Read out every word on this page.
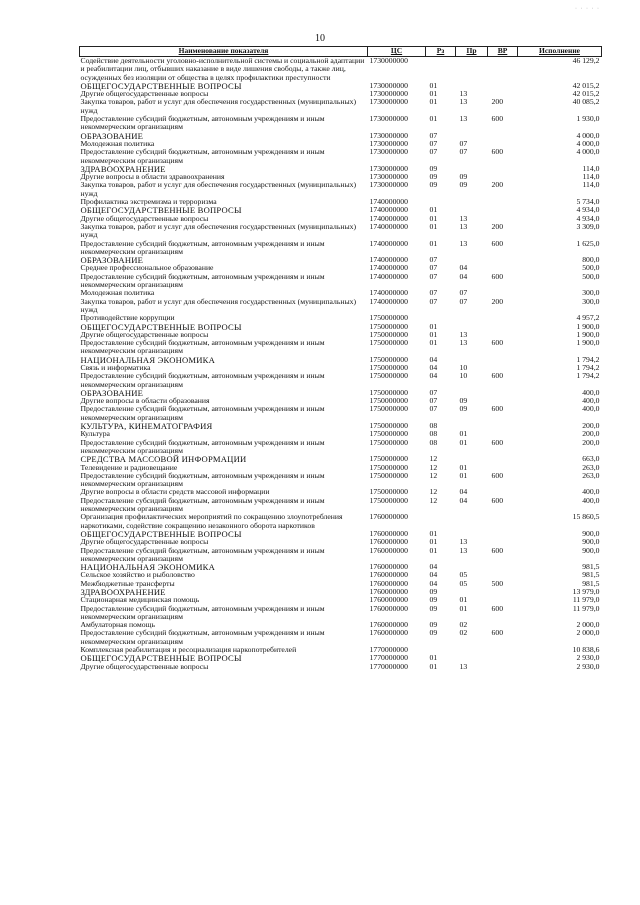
· · · · ·
10
Наименование показателя	ЦС	Рз	Пр	ВР	Исполнение
Содействие деятельности уголовно-исполнительной системы и социальной адаптации и реабилитации лиц, отбывших наказание в виде лишения свободы, а также лиц, осужденных без изоляции от общества в целях профилактики преступности	1730000000				46 129,2
ОБЩЕГОСУДАРСТВЕННЫЕ ВОПРОСЫ	1730000000	01			42 015,2
Другие общегосударственные вопросы	1730000000	01	13		42 015,2
Закупка товаров, работ и услуг для обеспечения государственных (муниципальных) нужд	1730000000	01	13	200	40 085,2
Предоставление субсидий бюджетным, автономным учреждениям и иным некоммерческим организациям	1730000000	01	13	600	1 930,0
ОБРАЗОВАНИЕ	1730000000	07			4 000,0
Молодежная политика	1730000000	07	07		4 000,0
Предоставление субсидий бюджетным, автономным учреждениям и иным некоммерческим организациям	1730000000	07	07	600	4 000,0
ЗДРАВООХРАНЕНИЕ	1730000000	09			114,0
Другие вопросы в области здравоохранения	1730000000	09	09		114,0
Закупка товаров, работ и услуг для обеспечения государственных (муниципальных) нужд	1730000000	09	09	200	114,0
Профилактика экстремизма и терроризма	1740000000				5 734,0
ОБЩЕГОСУДАРСТВЕННЫЕ ВОПРОСЫ	1740000000	01			4 934,0
Другие общегосударственные вопросы	1740000000	01	13		4 934,0
Закупка товаров, работ и услуг для обеспечения государственных (муниципальных) нужд	1740000000	01	13	200	3 309,0
Предоставление субсидий бюджетным, автономным учреждениям и иным некоммерческим организациям	1740000000	01	13	600	1 625,0
ОБРАЗОВАНИЕ	1740000000	07			800,0
Среднее профессиональное образование	1740000000	07	04		500,0
Предоставление субсидий бюджетным, автономным учреждениям и иным некоммерческим организациям	1740000000	07	04	600	500,0
Молодежная политика	1740000000	07	07		300,0
Закупка товаров, работ и услуг для обеспечения государственных (муниципальных) нужд	1740000000	07	07	200	300,0
Противодействие коррупции	1750000000				4 957,2
ОБЩЕГОСУДАРСТВЕННЫЕ ВОПРОСЫ	1750000000	01			1 900,0
Другие общегосударственные вопросы	1750000000	01	13		1 900,0
Предоставление субсидий бюджетным, автономным учреждениям и иным некоммерческим организациям	1750000000	01	13	600	1 900,0
НАЦИОНАЛЬНАЯ ЭКОНОМИКА	1750000000	04			1 794,2
Связь и информатика	1750000000	04	10		1 794,2
Предоставление субсидий бюджетным, автономным учреждениям и иным некоммерческим организациям	1750000000	04	10	600	1 794,2
ОБРАЗОВАНИЕ	1750000000	07			400,0
Другие вопросы в области образования	1750000000	07	09		400,0
Предоставление субсидий бюджетным, автономным учреждениям и иным некоммерческим организациям	1750000000	07	09	600	400,0
КУЛЬТУРА, КИНЕМАТОГРАФИЯ	1750000000	08			200,0
Культура	1750000000	08	01		200,0
Предоставление субсидий бюджетным, автономным учреждениям и иным некоммерческим организациям	1750000000	08	01	600	200,0
СРЕДСТВА МАССОВОЙ ИНФОРМАЦИИ	1750000000	12			663,0
Телевидение и радиовещание	1750000000	12	01		263,0
Предоставление субсидий бюджетным, автономным учреждениям и иным некоммерческим организациям	1750000000	12	01	600	263,0
Другие вопросы в области средств массовой информации	1750000000	12	04		400,0
Предоставление субсидий бюджетным, автономным учреждениям и иным некоммерческим организациям	1750000000	12	04	600	400,0
Организация профилактических мероприятий по сокращению злоупотребления наркотиками, содействие сокращению незаконного оборота наркотиков	1760000000				15 860,5
ОБЩЕГОСУДАРСТВЕННЫЕ ВОПРОСЫ	1760000000	01			900,0
Другие общегосударственные вопросы	1760000000	01	13		900,0
Предоставление субсидий бюджетным, автономным учреждениям и иным некоммерческим организациям	1760000000	01	13	600	900,0
НАЦИОНАЛЬНАЯ ЭКОНОМИКА	1760000000	04			981,5
Сельское хозяйство и рыболовство	1760000000	04	05		981,5
Межбюджетные трансферты	1760000000	04	05	500	981,5
ЗДРАВООХРАНЕНИЕ	1760000000	09			13 979,0
Стационарная медицинская помощь	1760000000	09	01		11 979,0
Предоставление субсидий бюджетным, автономным учреждениям и иным некоммерческим организациям	1760000000	09	01	600	11 979,0
Амбулаторная помощь	1760000000	09	02		2 000,0
Предоставление субсидий бюджетным, автономным учреждениям и иным некоммерческим организациям	1760000000	09	02	600	2 000,0
Комплексная реабилитация и ресоциализация наркопотребителей	1770000000				10 838,6
ОБЩЕГОСУДАРСТВЕННЫЕ ВОПРОСЫ	1770000000	01			2 930,0
Другие общегосударственные вопросы	1770000000	01	13		2 930,0
